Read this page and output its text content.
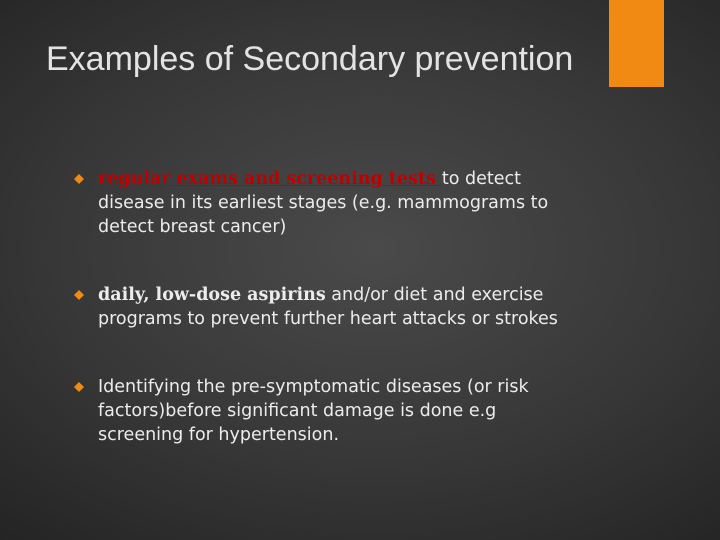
Examples of Secondary prevention
regular exams and screening tests to detect
disease in its earliest stages (e.g. mammograms to detect breast cancer)
daily, low-dose aspirins and/or diet and exercise
programs to prevent further heart attacks or strokes
Identifying the pre-symptomatic diseases (or risk factors)before significant damage is done e.g screening for hypertension.
